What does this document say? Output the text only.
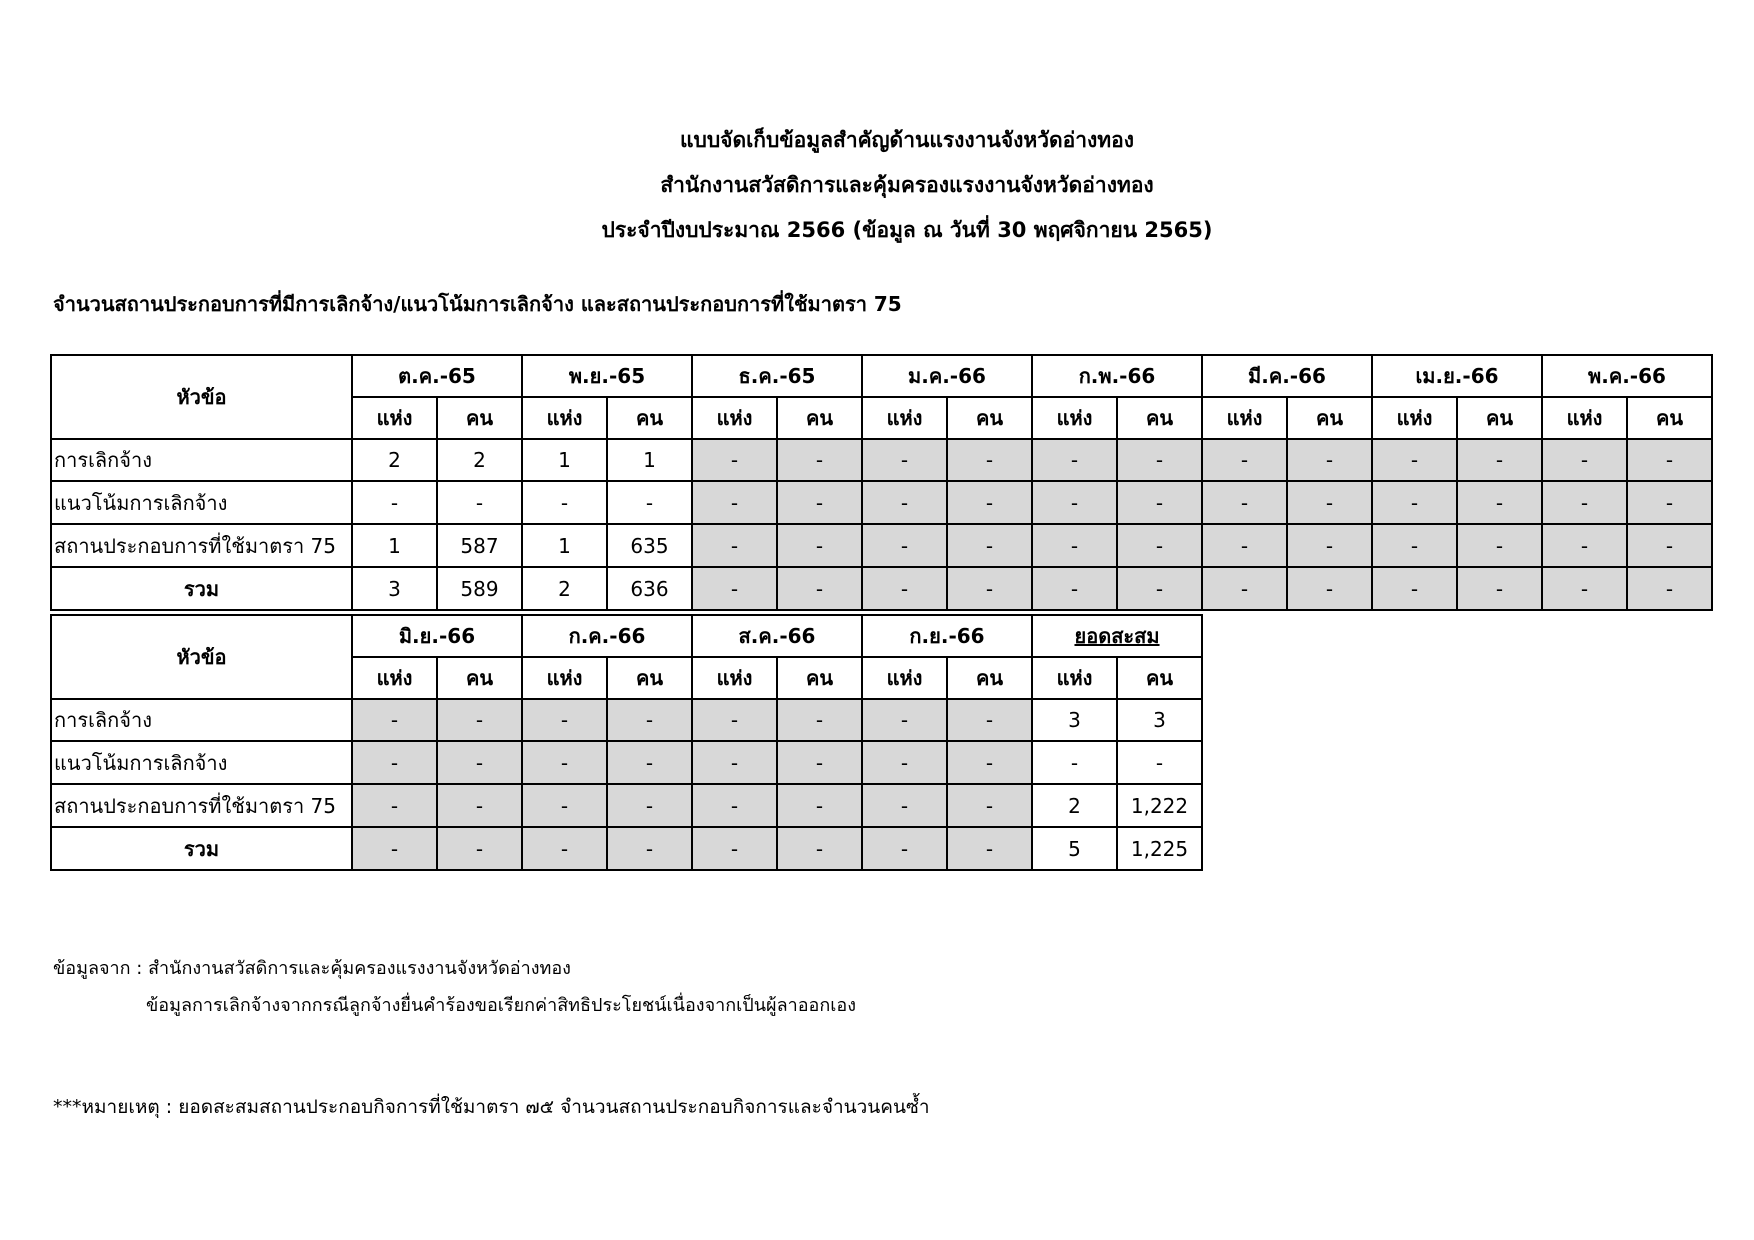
แบบจัดเก็บข้อมูลสำคัญด้านแรงงานจังหวัดอ่างทอง
สำนักงานสวัสดิการและคุ้มครองแรงงานจังหวัดอ่างทอง
ประจำปีงบประมาณ 2566 (ข้อมูล ณ วันที่ 30 พฤศจิกายน 2565)
จำนวนสถานประกอบการที่มีการเลิกจ้าง/แนวโน้มการเลิกจ้าง และสถานประกอบการที่ใช้มาตรา 75
หัวข้อ	ต.ค.-65		พ.ย.-65		ธ.ค.-65		ม.ค.-66		ก.พ.-66		มี.ค.-66		เม.ย.-66		พ.ค.-66	
	แห่ง	คน	แห่ง	คน	แห่ง	คน	แห่ง	คน	แห่ง	คน	แห่ง	คน	แห่ง	คน	แห่ง	คน
การเลิกจ้าง	2	2	1	1	-	-	-	-	-	-	-	-	-	-	-	-
แนวโน้มการเลิกจ้าง	-	-	-	-	-	-	-	-	-	-	-	-	-	-	-	-
สถานประกอบการที่ใช้มาตรา 75	1	587	1	635	-	-	-	-	-	-	-	-	-	-	-	-
รวม	3	589	2	636	-	-	-	-	-	-	-	-	-	-	-	-
หัวข้อ	มิ.ย.-66		ก.ค.-66		ส.ค.-66		ก.ย.-66		ยอดสะสม	
	แห่ง	คน	แห่ง	คน	แห่ง	คน	แห่ง	คน	แห่ง	คน
การเลิกจ้าง	-	-	-	-	-	-	-	-	3	3
แนวโน้มการเลิกจ้าง	-	-	-	-	-	-	-	-	-	-
สถานประกอบการที่ใช้มาตรา 75	-	-	-	-	-	-	-	-	2	1,222
รวม	-	-	-	-	-	-	-	-	5	1,225
ข้อมูลจาก : สำนักงานสวัสดิการและคุ้มครองแรงงานจังหวัดอ่างทอง
ข้อมูลการเลิกจ้างจากกรณีลูกจ้างยื่นคำร้องขอเรียกค่าสิทธิประโยชน์เนื่องจากเป็นผู้ลาออกเอง
***หมายเหตุ : ยอดสะสมสถานประกอบกิจการที่ใช้มาตรา ๗๕ จำนวนสถานประกอบกิจการและจำนวนคนซ้ำ
